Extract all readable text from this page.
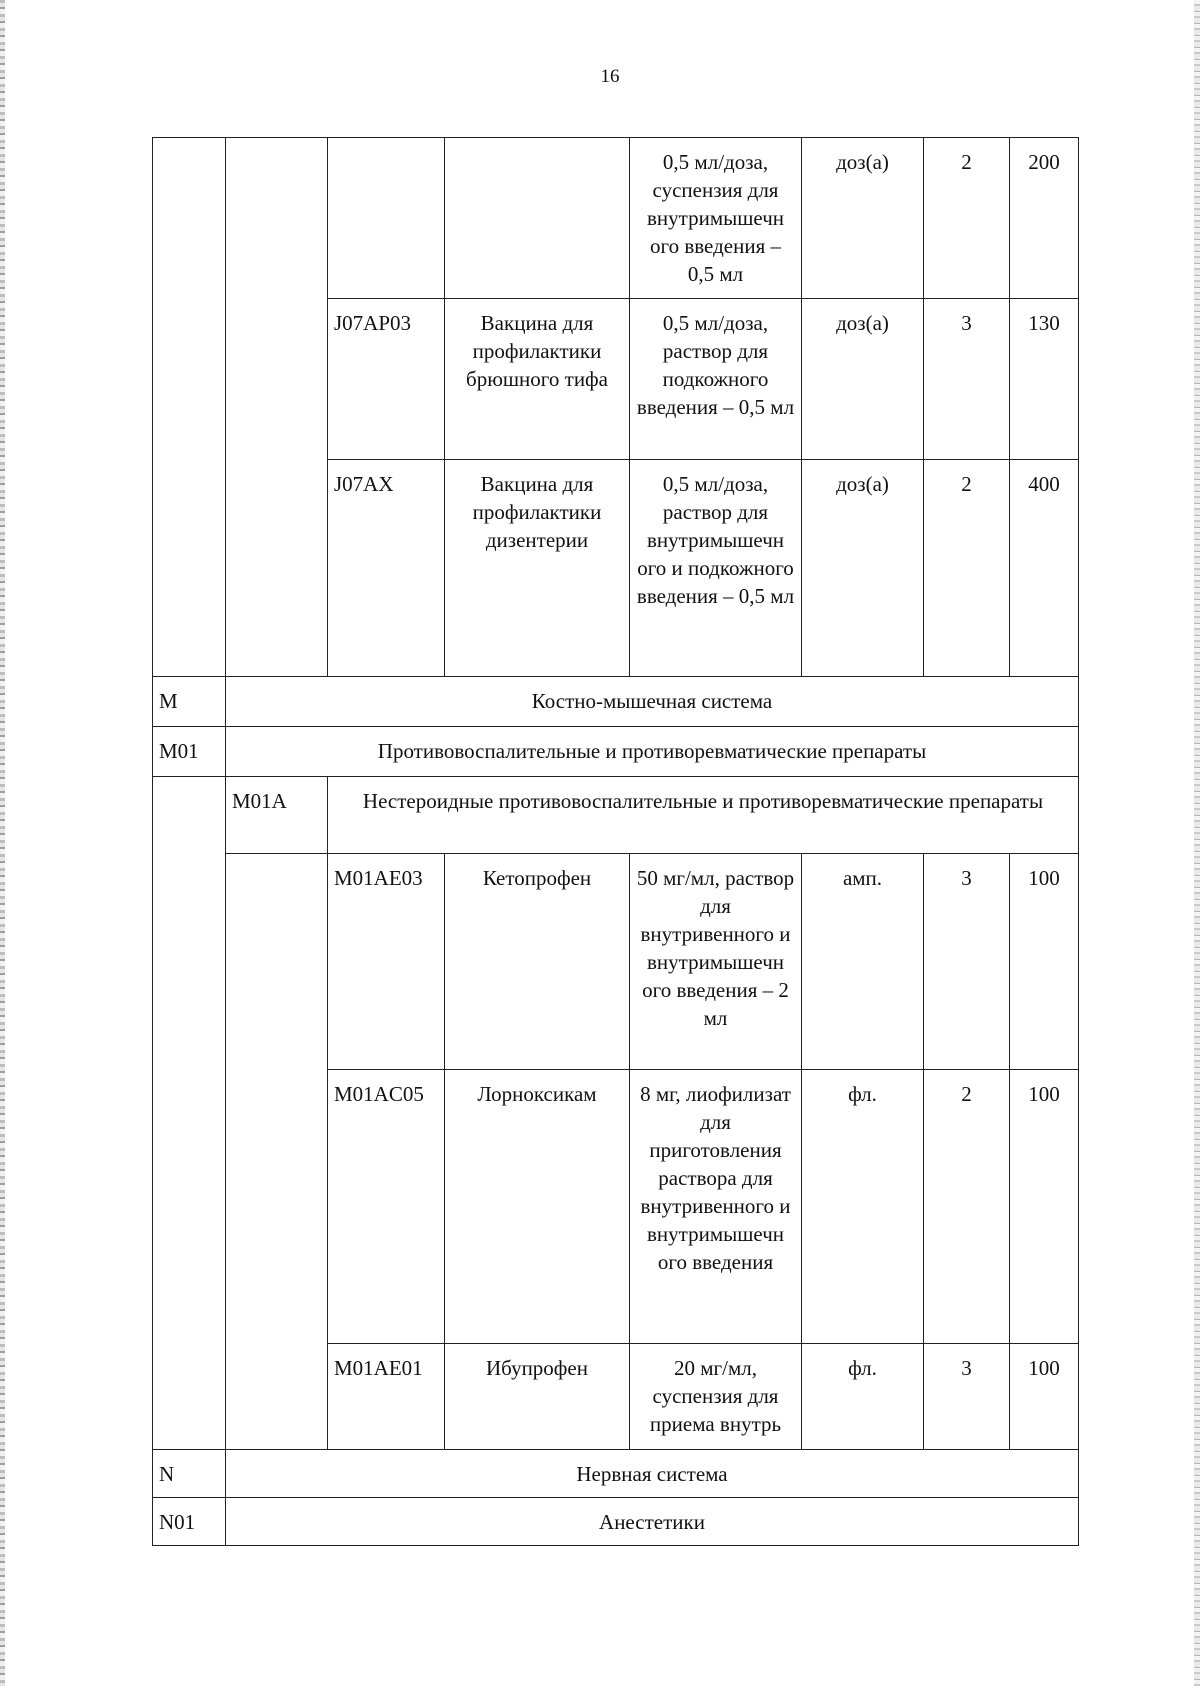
16
				0,5 мл/доза, суспензия для внутримышечн ого введения – 0,5 мл	доз(а)	2	200
		J07AP03	Вакцина для профилактики брюшного тифа	0,5 мл/доза, раствор для подкожного введения – 0,5 мл	доз(а)	3	130
		J07AX	Вакцина для профилактики дизентерии	0,5 мл/доза, раствор для внутримышечн ого и подкожного введения – 0,5 мл	доз(а)	2	400
M	Костно-мышечная система						
M01	Противовоспалительные и противоревматические препараты						
	M01A	Нестероидные противовоспалительные и противоревматические препараты					
		M01AE03	Кетопрофен	50 мг/мл, раствор для внутривенного и внутримышечн ого введения – 2 мл	амп.	3	100
		M01AC05	Лорноксикам	8 мг, лиофилизат для приготовления раствора для внутривенного и внутримышечн ого введения	фл.	2	100
		M01AE01	Ибупрофен	20 мг/мл, суспензия для приема внутрь	фл.	3	100
N	Нервная система						
N01	Анестетики						
